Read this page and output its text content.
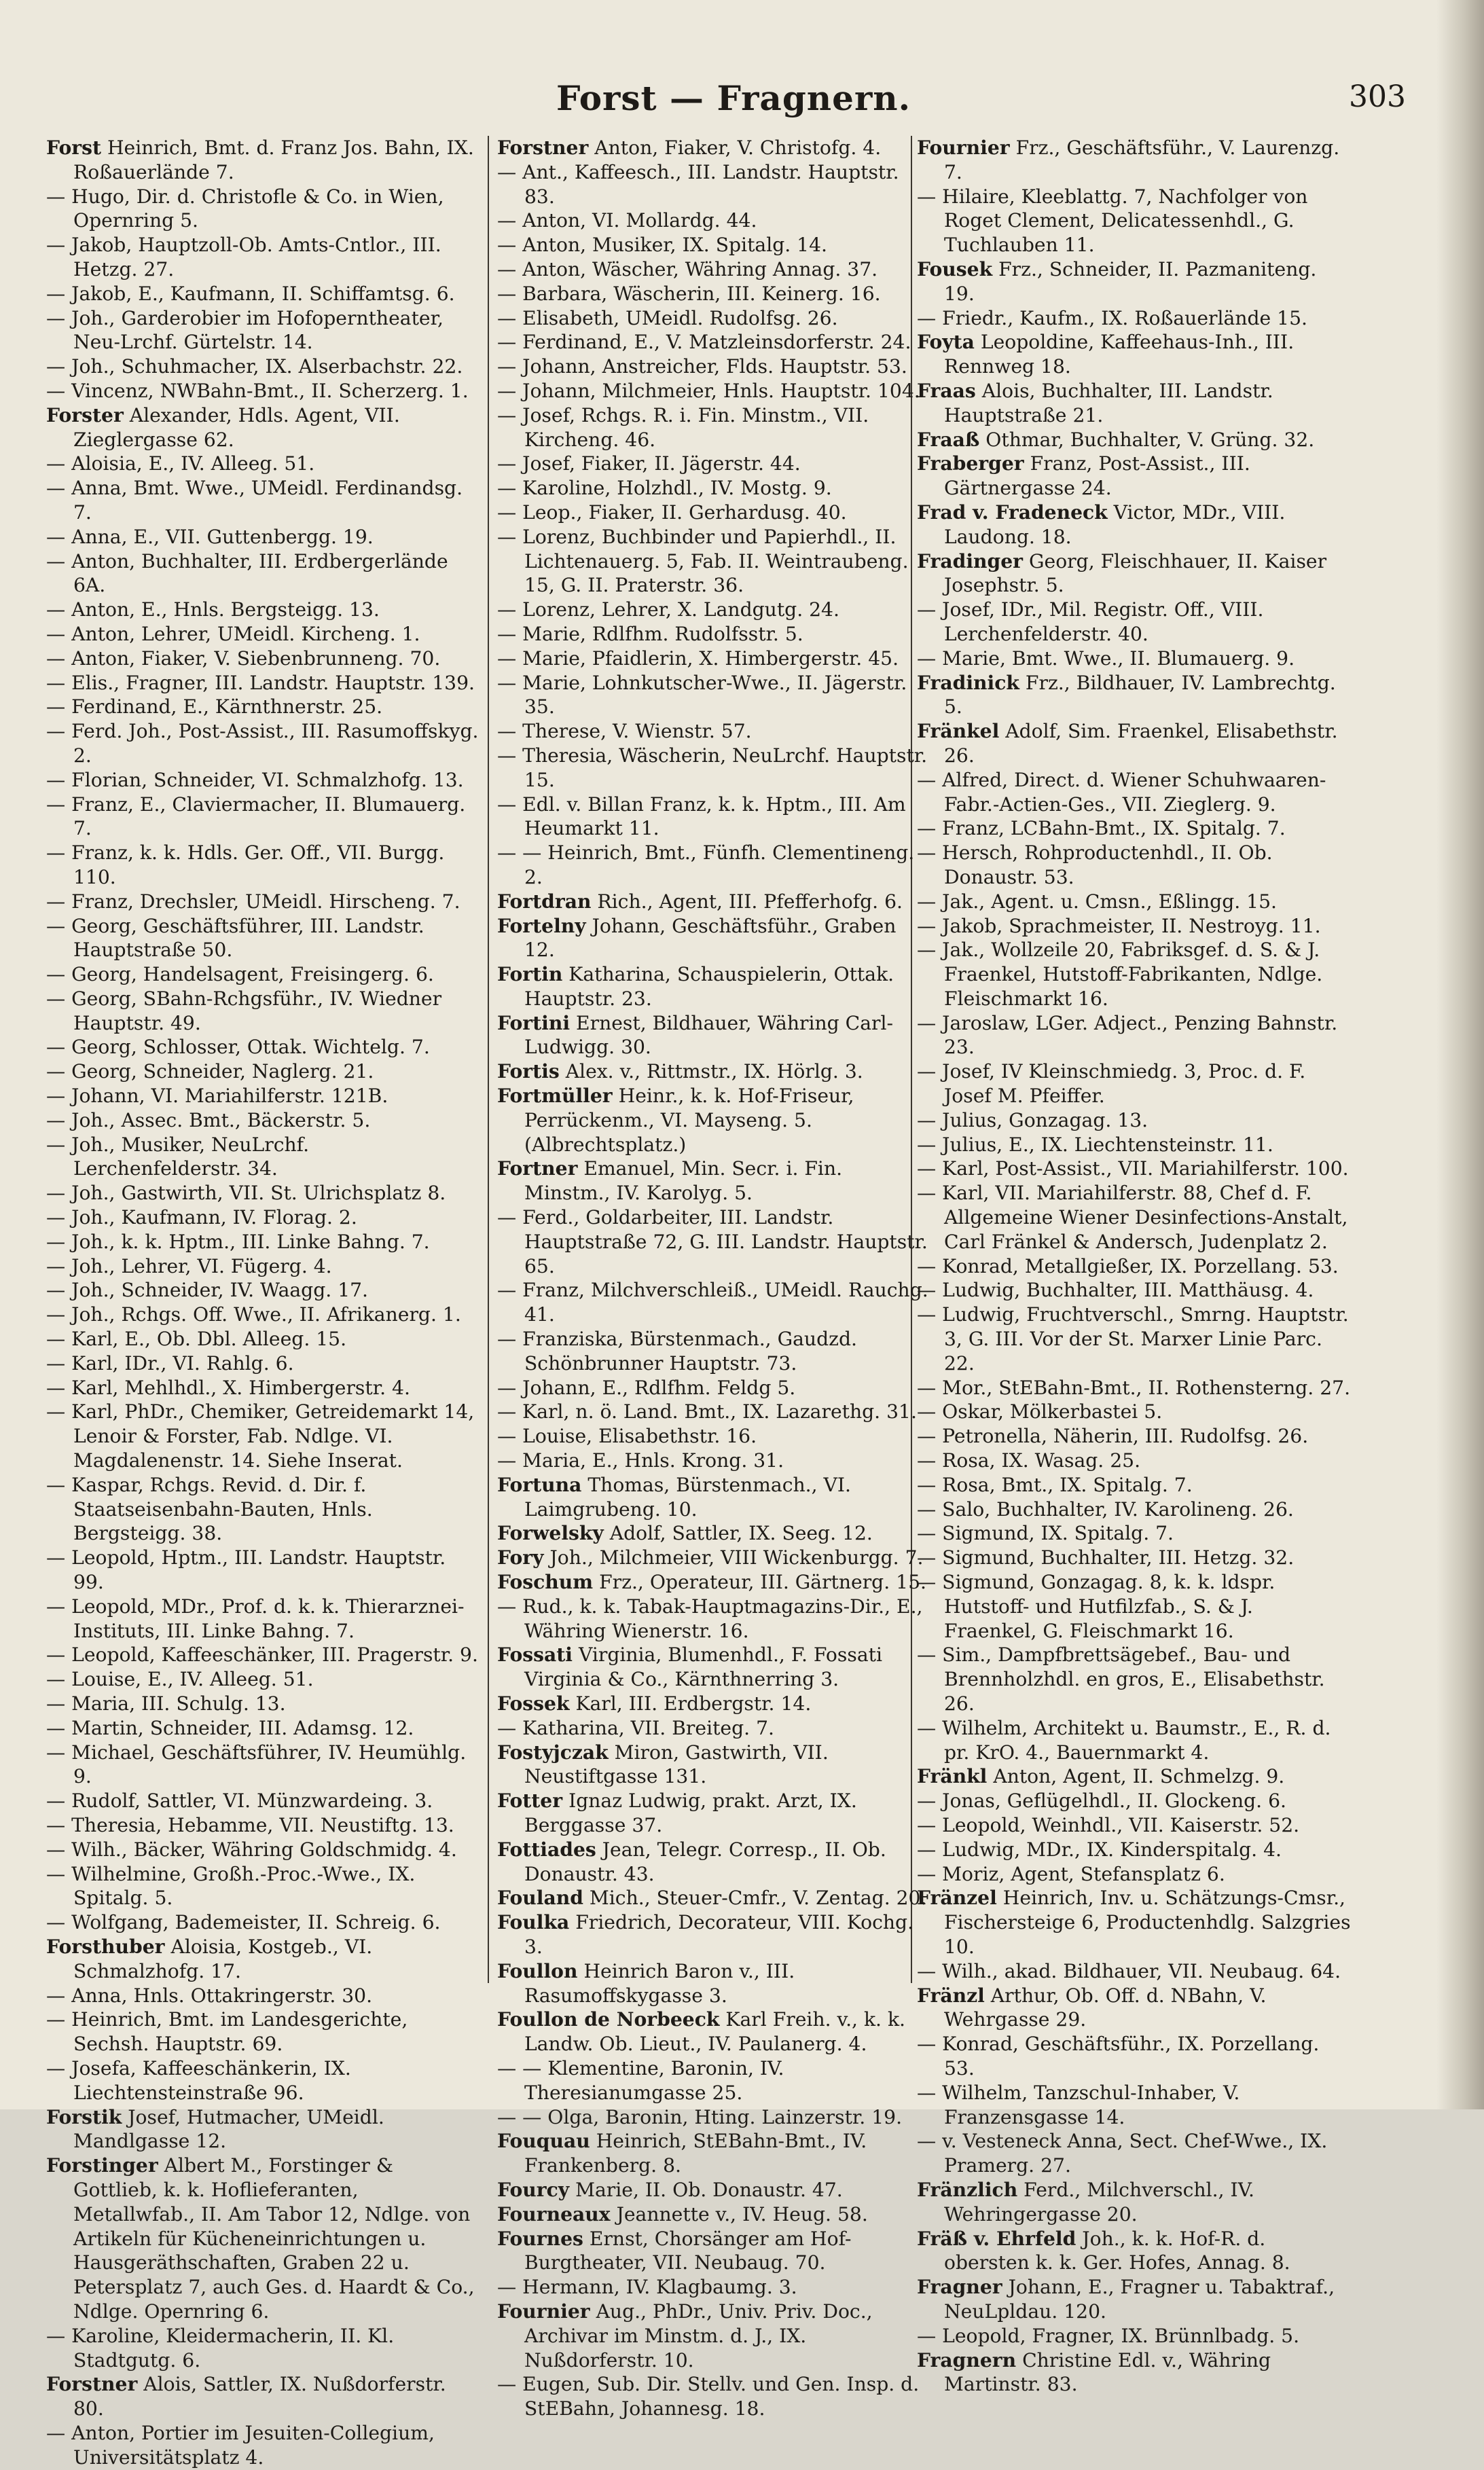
Forst — Fragnern.	303

Forst Heinrich, Bmt. d. Franz Jos. Bahn, IX. Roßauerlände 7.

— Hugo, Dir. d. Christofle & Co. in Wien, Opernring 5.

— Jakob, Hauptzoll-Ob. Amts-Cntlor., III. Hetzg. 27.

— Jakob, E., Kaufmann, II. Schiffamtsg. 6.

— Joh., Garderobier im Hofoperntheater, Neu-Lrchf. Gürtelstr. 14.

— Joh., Schuhmacher, IX. Alserbachstr. 22.

— Vincenz, NWBahn-Bmt., II. Scherzerg. 1.

Forster Alexander, Hdls. Agent, VII. Zieglergasse 62.

— Aloisia, E., IV. Alleeg. 51.

— Anna, Bmt. Wwe., UMeidl. Ferdinandsg. 7.

— Anna, E., VII. Guttenbergg. 19.

— Anton, Buchhalter, III. Erdbergerlände 6A.

— Anton, E., Hnls. Bergsteigg. 13.

— Anton, Lehrer, UMeidl. Kircheng. 1.

— Anton, Fiaker, V. Siebenbrunneng. 70.

— Elis., Fragner, III. Landstr. Hauptstr. 139.

— Ferdinand, E., Kärnthnerstr. 25.

— Ferd. Joh., Post-Assist., III. Rasumoffskyg. 2.

— Florian, Schneider, VI. Schmalzhofg. 13.

— Franz, E., Claviermacher, II. Blumauerg. 7.

— Franz, k. k. Hdls. Ger. Off., VII. Burgg. 110.

— Franz, Drechsler, UMeidl. Hirscheng. 7.

— Georg, Geschäftsführer, III. Landstr. Hauptstraße 50.

— Georg, Handelsagent, Freisingerg. 6.

— Georg, SBahn-Rchgsführ., IV. Wiedner Hauptstr. 49.

— Georg, Schlosser, Ottak. Wichtelg. 7.

— Georg, Schneider, Naglerg. 21.

— Johann, VI. Mariahilferstr. 121B.

— Joh., Assec. Bmt., Bäckerstr. 5.

— Joh., Musiker, NeuLrchf. Lerchenfelderstr. 34.

— Joh., Gastwirth, VII. St. Ulrichsplatz 8.

— Joh., Kaufmann, IV. Florag. 2.

— Joh., k. k. Hptm., III. Linke Bahng. 7.

— Joh., Lehrer, VI. Fügerg. 4.

— Joh., Schneider, IV. Waagg. 17.

— Joh., Rchgs. Off. Wwe., II. Afrikanerg. 1.

— Karl, E., Ob. Dbl. Alleeg. 15.

— Karl, IDr., VI. Rahlg. 6.

— Karl, Mehlhdl., X. Himbergerstr. 4.

— Karl, PhDr., Chemiker, Getreidemarkt 14, Lenoir & Forster, Fab. Ndlge. VI. Magdalenenstr. 14. Siehe Inserat.

— Kaspar, Rchgs. Revid. d. Dir. f. Staatseisenbahn-Bauten, Hnls. Bergsteigg. 38.

— Leopold, Hptm., III. Landstr. Hauptstr. 99.

— Leopold, MDr., Prof. d. k. k. Thierarznei-Instituts, III. Linke Bahng. 7.

— Leopold, Kaffeeschänker, III. Pragerstr. 9.

— Louise, E., IV. Alleeg. 51.

— Maria, III. Schulg. 13.

— Martin, Schneider, III. Adamsg. 12.

— Michael, Geschäftsführer, IV. Heumühlg. 9.

— Rudolf, Sattler, VI. Münzwardeing. 3.

— Theresia, Hebamme, VII. Neustiftg. 13.

— Wilh., Bäcker, Währing Goldschmidg. 4.

— Wilhelmine, Großh.-Proc.-Wwe., IX. Spitalg. 5.

— Wolfgang, Bademeister, II. Schreig. 6.

Forsthuber Aloisia, Kostgeb., VI. Schmalzhofg. 17.

— Anna, Hnls. Ottakringerstr. 30.

— Heinrich, Bmt. im Landesgerichte, Sechsh. Hauptstr. 69.

— Josefa, Kaffeeschänkerin, IX. Liechtensteinstraße 96.

Forstik Josef, Hutmacher, UMeidl. Mandlgasse 12.

Forstinger Albert M., Forstinger & Gottlieb, k. k. Hoflieferanten, Metallwfab., II. Am Tabor 12, Ndlge. von Artikeln für Kücheneinrichtungen u. Hausgeräthschaften, Graben 22 u. Petersplatz 7, auch Ges. d. Haardt & Co., Ndlge. Opernring 6.

— Karoline, Kleidermacherin, II. Kl. Stadtgutg. 6.

Forstner Alois, Sattler, IX. Nußdorferstr. 80.

— Anton, Portier im Jesuiten-Collegium, Universitätsplatz 4.

Forstner Anton, Fiaker, V. Christofg. 4.

— Ant., Kaffeesch., III. Landstr. Hauptstr. 83.

— Anton, VI. Mollardg. 44.

— Anton, Musiker, IX. Spitalg. 14.

— Anton, Wäscher, Währing Annag. 37.

— Barbara, Wäscherin, III. Keinerg. 16.

— Elisabeth, UMeidl. Rudolfsg. 26.

— Ferdinand, E., V. Matzleinsdorferstr. 24.

— Johann, Anstreicher, Flds. Hauptstr. 53.

— Johann, Milchmeier, Hnls. Hauptstr. 104.

— Josef, Rchgs. R. i. Fin. Minstm., VII. Kircheng. 46.

— Josef, Fiaker, II. Jägerstr. 44.

— Karoline, Holzhdl., IV. Mostg. 9.

— Leop., Fiaker, II. Gerhardusg. 40.

— Lorenz, Buchbinder und Papierhdl., II. Lichtenauerg. 5, Fab. II. Weintraubeng. 15, G. II. Praterstr. 36.

— Lorenz, Lehrer, X. Landgutg. 24.

— Marie, Rdlfhm. Rudolfsstr. 5.

— Marie, Pfaidlerin, X. Himbergerstr. 45.

— Marie, Lohnkutscher-Wwe., II. Jägerstr. 35.

— Therese, V. Wienstr. 57.

— Theresia, Wäscherin, NeuLrchf. Hauptstr. 15.

— Edl. v. Billan Franz, k. k. Hptm., III. Am Heumarkt 11.

— — Heinrich, Bmt., Fünfh. Clementineng. 2.

Fortdran Rich., Agent, III. Pfefferhofg. 6.

Fortelny Johann, Geschäftsführ., Graben 12.

Fortin Katharina, Schauspielerin, Ottak. Hauptstr. 23.

Fortini Ernest, Bildhauer, Währing Carl-Ludwigg. 30.

Fortis Alex. v., Rittmstr., IX. Hörlg. 3.

Fortmüller Heinr., k. k. Hof-Friseur, Perrückenm., VI. Mayseng. 5. (Albrechtsplatz.)

Fortner Emanuel, Min. Secr. i. Fin. Minstm., IV. Karolyg. 5.

— Ferd., Goldarbeiter, III. Landstr. Hauptstraße 72, G. III. Landstr. Hauptstr. 65.

— Franz, Milchverschleiß., UMeidl. Rauchg. 41.

— Franziska, Bürstenmach., Gaudzd. Schönbrunner Hauptstr. 73.

— Johann, E., Rdlfhm. Feldg 5.

— Karl, n. ö. Land. Bmt., IX. Lazarethg. 31.

— Louise, Elisabethstr. 16.

— Maria, E., Hnls. Krong. 31.

Fortuna Thomas, Bürstenmach., VI. Laimgrubeng. 10.

Forwelsky Adolf, Sattler, IX. Seeg. 12.

Fory Joh., Milchmeier, VIII Wickenburgg. 7.

Foschum Frz., Operateur, III. Gärtnerg. 15.

— Rud., k. k. Tabak-Hauptmagazins-Dir., E., Währing Wienerstr. 16.

Fossati Virginia, Blumenhdl., F. Fossati Virginia & Co., Kärnthnerring 3.

Fossek Karl, III. Erdbergstr. 14.

— Katharina, VII. Breiteg. 7.

Fostyjczak Miron, Gastwirth, VII. Neustiftgasse 131.

Fotter Ignaz Ludwig, prakt. Arzt, IX. Berggasse 37.

Fottiades Jean, Telegr. Corresp., II. Ob. Donaustr. 43.

Fouland Mich., Steuer-Cmfr., V. Zentag. 20.

Foulka Friedrich, Decorateur, VIII. Kochg. 3.

Foullon Heinrich Baron v., III. Rasumoffskygasse 3.

Foullon de Norbeeck Karl Freih. v., k. k. Landw. Ob. Lieut., IV. Paulanerg. 4.

— — Klementine, Baronin, IV. Theresianumgasse 25.

— — Olga, Baronin, Hting. Lainzerstr. 19.

Fouquau Heinrich, StEBahn-Bmt., IV. Frankenberg. 8.

Fourcy Marie, II. Ob. Donaustr. 47.

Fourneaux Jeannette v., IV. Heug. 58.

Fournes Ernst, Chorsänger am Hof-Burgtheater, VII. Neubaug. 70.

— Hermann, IV. Klagbaumg. 3.

Fournier Aug., PhDr., Univ. Priv. Doc., Archivar im Minstm. d. J., IX. Nußdorferstr. 10.

— Eugen, Sub. Dir. Stellv. und Gen. Insp. d. StEBahn, Johannesg. 18.

Fournier Frz., Geschäftsführ., V. Laurenzg. 7.

— Hilaire, Kleeblattg. 7, Nachfolger von Roget Clement, Delicatessenhdl., G. Tuchlauben 11.

Fousek Frz., Schneider, II. Pazmaniteng. 19.

— Friedr., Kaufm., IX. Roßauerlände 15.

Foyta Leopoldine, Kaffeehaus-Inh., III. Rennweg 18.

Fraas Alois, Buchhalter, III. Landstr. Hauptstraße 21.

Fraaß Othmar, Buchhalter, V. Grüng. 32.

Fraberger Franz, Post-Assist., III. Gärtnergasse 24.

Frad v. Fradeneck Victor, MDr., VIII. Laudong. 18.

Fradinger Georg, Fleischhauer, II. Kaiser Josephstr. 5.

— Josef, IDr., Mil. Registr. Off., VIII. Lerchenfelderstr. 40.

— Marie, Bmt. Wwe., II. Blumauerg. 9.

Fradinick Frz., Bildhauer, IV. Lambrechtg. 5.

Fränkel Adolf, Sim. Fraenkel, Elisabethstr. 26.

— Alfred, Direct. d. Wiener Schuhwaaren-Fabr.-Actien-Ges., VII. Zieglerg. 9.

— Franz, LCBahn-Bmt., IX. Spitalg. 7.

— Hersch, Rohproductenhdl., II. Ob. Donaustr. 53.

— Jak., Agent. u. Cmsn., Eßlingg. 15.

— Jakob, Sprachmeister, II. Nestroyg. 11.

— Jak., Wollzeile 20, Fabriksgef. d. S. & J. Fraenkel, Hutstoff-Fabrikanten, Ndlge. Fleischmarkt 16.

— Jaroslaw, LGer. Adject., Penzing Bahnstr. 23.

— Josef, IV Kleinschmiedg. 3, Proc. d. F. Josef M. Pfeiffer.

— Julius, Gonzagag. 13.

— Julius, E., IX. Liechtensteinstr. 11.

— Karl, Post-Assist., VII. Mariahilferstr. 100.

— Karl, VII. Mariahilferstr. 88, Chef d. F. Allgemeine Wiener Desinfections-Anstalt, Carl Fränkel & Andersch, Judenplatz 2.

— Konrad, Metallgießer, IX. Porzellang. 53.

— Ludwig, Buchhalter, III. Matthäusg. 4.

— Ludwig, Fruchtverschl., Smrng. Hauptstr. 3, G. III. Vor der St. Marxer Linie Parc. 22.

— Mor., StEBahn-Bmt., II. Rothensterng. 27.

— Oskar, Mölkerbastei 5.

— Petronella, Näherin, III. Rudolfsg. 26.

— Rosa, IX. Wasag. 25.

— Rosa, Bmt., IX. Spitalg. 7.

— Salo, Buchhalter, IV. Karolineng. 26.

— Sigmund, IX. Spitalg. 7.

— Sigmund, Buchhalter, III. Hetzg. 32.

— Sigmund, Gonzagag. 8, k. k. ldspr. Hutstoff- und Hutfilzfab., S. & J. Fraenkel, G. Fleischmarkt 16.

— Sim., Dampfbrettsägebef., Bau- und Brennholzhdl. en gros, E., Elisabethstr. 26.

— Wilhelm, Architekt u. Baumstr., E., R. d. pr. KrO. 4., Bauernmarkt 4.

Fränkl Anton, Agent, II. Schmelzg. 9.

— Jonas, Geflügelhdl., II. Glockeng. 6.

— Leopold, Weinhdl., VII. Kaiserstr. 52.

— Ludwig, MDr., IX. Kinderspitalg. 4.

— Moriz, Agent, Stefansplatz 6.

Fränzel Heinrich, Inv. u. Schätzungs-Cmsr., Fischersteige 6, Productenhdlg. Salzgries 10.

— Wilh., akad. Bildhauer, VII. Neubaug. 64.

Fränzl Arthur, Ob. Off. d. NBahn, V. Wehrgasse 29.

— Konrad, Geschäftsführ., IX. Porzellang. 53.

— Wilhelm, Tanzschul-Inhaber, V. Franzensgasse 14.

— v. Vesteneck Anna, Sect. Chef-Wwe., IX. Pramerg. 27.

Fränzlich Ferd., Milchverschl., IV. Wehringergasse 20.

Fräß v. Ehrfeld Joh., k. k. Hof-R. d. obersten k. k. Ger. Hofes, Annag. 8.

Fragner Johann, E., Fragner u. Tabaktraf., NeuLpldau. 120.

— Leopold, Fragner, IX. Brünnlbadg. 5.

Fragnern Christine Edl. v., Währing Martinstr. 83.
